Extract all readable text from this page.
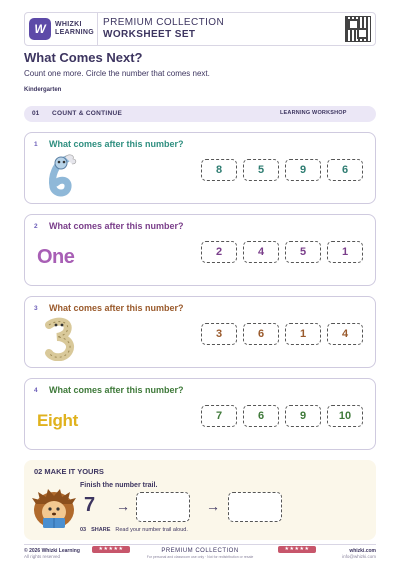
W	WHIZKI
LEARNING
PREMIUM COLLECTION
WORKSHEET SET
What Comes Next?
Count one more. Circle the number that comes next.
Kindergarten
01 COUNT & CONTINUE	LEARNING WORKSHOP
1 What comes after this number?
8	5	9	6
2 What comes after this number?
One	2	4	5	1
3 What comes after this number?
3	6	1	4
4 What comes after this number?
Eight	7	6	9	10
02 MAKE IT YOURS
Finish the number trail.
7 →	→
03 SHARE Read your number trail aloud.
© 2026 Whizki Learning
All rights reserved
★★★★★	PREMIUM COLLECTION
For personal and classroom use only · Not for redistribution or resale
★★★★★	whizki.com
info@whizki.com
